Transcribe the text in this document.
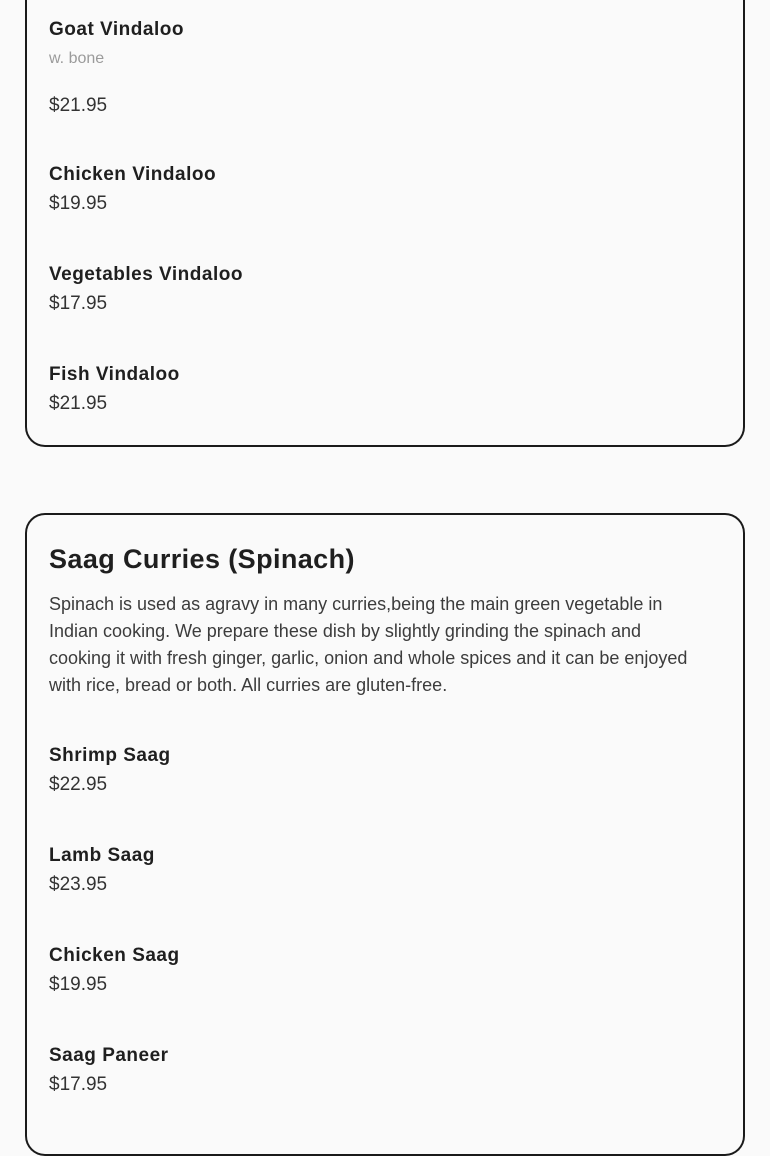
Goat Vindaloo
w. bone
$21.95
Chicken Vindaloo
$19.95
Vegetables Vindaloo
$17.95
Fish Vindaloo
$21.95
Saag Curries (Spinach)

Spinach is used as agravy in many curries,being the main green vegetable in Indian cooking. We prepare these dish by slightly grinding the spinach and cooking it with fresh ginger, garlic, onion and whole spices and it can be enjoyed with rice, bread or both. All curries are gluten-free.

Shrimp Saag
$22.95
Lamb Saag
$23.95
Chicken Saag
$19.95
Saag Paneer
$17.95
